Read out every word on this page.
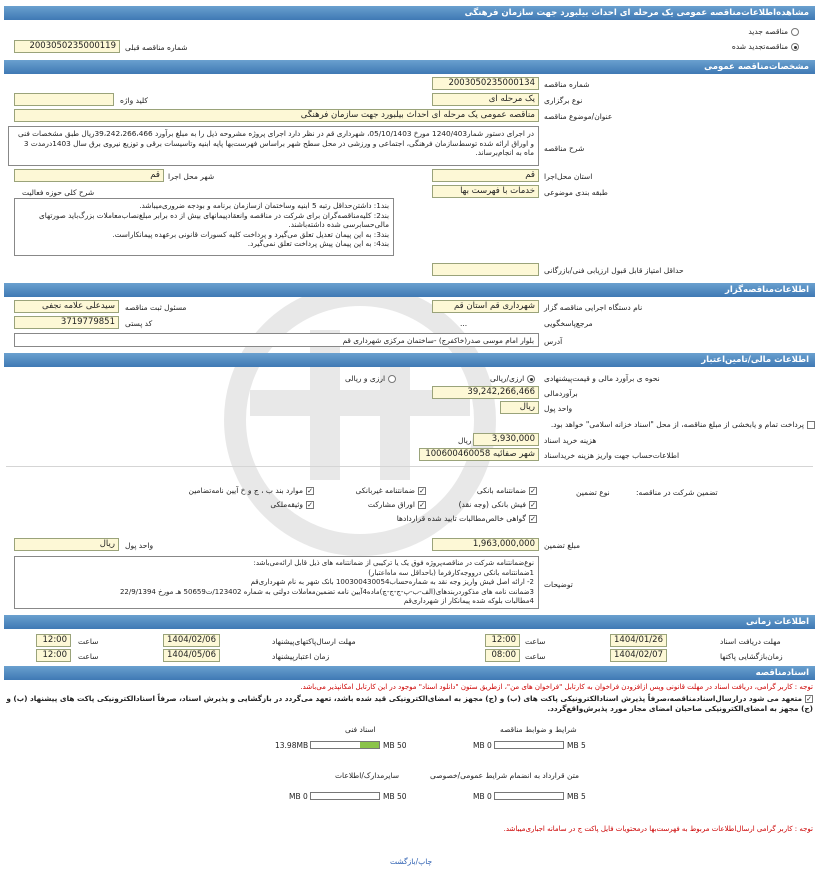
مشاهده‌اطلاعات‌مناقصه عمومی یک مرحله ای احداث بیلبورد جهت سازمان فرهنگی
مناقصه جدید
مناقصه‌تجدید شده
2003050235000119	شماره مناقصه قبلی
مشخصات‌مناقصه عمومی
2003050235000134	شماره مناقصه
یک مرحله ای	نوع برگزاری
کلید واژه
مناقصه عمومی یک مرحله ای احداث بیلبورد جهت سازمان فرهنگی	عنوان/موضوع مناقصه
در اجرای دستور شمار1240/403 مورخ 05/10/1403، شهرداری قم در نظر دارد اجرای پروژه مشروحه ذیل را به مبلغ برآورد 39،242،266،466ریال طبق مشخصات فنی و اوراق ارائه شده توسط‌سازمان فرهنگی، اجتماعی و ورزشی در محل سطح شهر براساس فهرست‌بها پایه ابنیه وتاسیسات برقی و توزیع نیروی برق سال 1403درمدت 3 ماه به انجام‌برساند.	شرح مناقصه
قم	استان محل‌اجرا
قم	شهر محل اجرا
خدمات با فهرست بها	طبقه بندی موضوعی
شرح کلی حوزه فعالیت
بند1: داشتن‌حداقل رتبه 5 ابنیه وساختمان ازسازمان برنامه و بودجه ضروری‌میباشد.
بند2: کلیه‌مناقصه‌گران برای شرکت در مناقصه وانعقادپیمانهای بیش از ده برابر مبلغ‌نصاب‌معاملات بزرگ‌باید صورتهای مالی‌حسابرسی شده داشته‌باشند.
بند3: به این پیمان تعدیل تعلق می‌گیرد و پرداخت کلیه کسورات قانونی برعهده پیمانکاراست.
بند4: به این پیمان پیش پرداخت تعلق نمی‌گیرد.
حداقل امتیاز قابل قبول ارزیابی فنی/بازرگانی
اطلاعات‌مناقصه‌گزار
شهرداری قم استان قم	نام دستگاه اجرایی مناقصه گزار
سیدعلی علامه نجفی	مسئول ثبت مناقصه
...	مرجع‌پاسخگویی
3719779851	کد پستی
بلوار امام موسی صدر(خاکفرج) -ساختمان مرکزی شهرداری قم	آدرس
اطلاعات مالی/تامین‌اعتبار
نحوه ی برآورد مالی و قیمت‌پیشنهادی
ارزی/ریالی
ارزی و ریالی
39,242,266,466	برآوردمالی
ریال	واحد پول
پرداخت تمام و یابخشی از مبلغ مناقصه، از محل "اسناد خزانه اسلامی" خواهد بود.
3,930,000
ریال	هزینه خرید اسناد
شهر صفائیه 100600460058	اطلاعات‌حساب جهت واریز هزینه خریداسناد
تضمین شرکت در مناقصه:
نوع تضمین
✓ضمانتنامه بانکی
✓ضمانتنامه غیربانکی
✓موارد بند ب ، ج و خ آیین نامه‌تضامین
✓فیش بانکی (وجه نقد)
✓اوراق مشارکت
✓وثیقه‌ملکی
✓گواهی خالص‌مطالبات تایید شده قراردادها
1,963,000,000	مبلغ تضمین
ریال	واحد پول
نوع‌ضمانتنامه شرکت در مناقصه‌پروژه فوق یک یا ترکیبی از ضمانتنامه های ذیل قابل ارائه‌می‌باشد:
1ضمانتنامه بانکی درووجه‌کارفرما (باحداقل سه ماه‌اعتبار)
2- ارائه اصل فیش واریز وجه نقد به شماره‌حساب100300430054 بانک شهر به نام شهرداری‌قم
3ضمانت نامه های مذکوردربندهای(الف-ب-پ-ج-ج-چ)ماده4آیین نامه تضمین‌معاملات دولتی به شماره 123402/ت50659 هـ مورخ 22/9/1394
4مطالبات بلوکه شده پیمانکار از شهرداری‌قم
توضیحات
اطلاعات زمانی
مهلت دریافت اسناد
1404/01/26
ساعت
12:00
مهلت ارسال‌پاکتهای‌پیشنهاد
1404/02/06
ساعت
12:00
زمان‌بازگشایی پاکتها
1404/02/07
ساعت
08:00
زمان اعتبارپیشنهاد
1404/05/06
ساعت
12:00
اسنادمناقصه
توجه : کاربر گرامی، دریافت اسناد در مهلت قانونی وپس ازافزودن فراخوان به کارتابل "فراخوان های من"، ازطریق ستون "دانلود اسناد" موجود در این کارتابل امکانپذیر می‌باشد.
✓متعهد می شود در‌ارسال‌اسنادمناقصه،صرفاً پذیرش اسنادالکترونیکی پاکت های (ب) و (ج) مجهز به امضای‌الکترونیکی قید شده باشد، تعهد می‌گردد در بازگشایی و پذیرش اسناد، صرفاً اسنادالکترونیکی پاکت های پیشنهاد (ب) و (ج) مجهز به امضای‌الکترونیکی صاحبان امضای مجاز مورد پذیرش‌واقع‌گردد.
شرایط و ضوابط مناقصه
0 MB	5 MB
اسناد فنی
13.98MB	50 MB
متن قرارداد به انضمام شرایط عمومی/خصوصی
0 MB	5 MB
سایرمدارک/اطلاعات
0 MB	50 MB
توجه : کاربر گرامی ارسال‌اطلاعات مربوط به فهرست‌بها درمحتویات فایل پاکت ج در سامانه اجباری‌میباشد.
چاپ/بازگشت
